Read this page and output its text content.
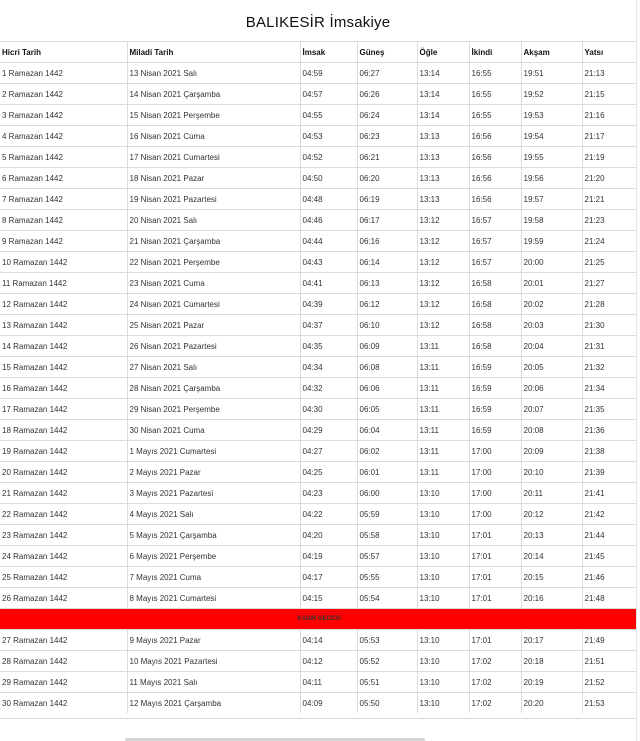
BALIKESİR İmsakiye
Hicri Tarih	Miladi Tarih	İmsak	Güneş	Öğle	İkindi	Akşam	Yatsı
1 Ramazan 1442	13 Nisan 2021 Salı	04:59	06:27	13:14	16:55	19:51	21:13
2 Ramazan 1442	14 Nisan 2021 Çarşamba	04:57	06:26	13:14	16:55	19:52	21:15
3 Ramazan 1442	15 Nisan 2021 Perşembe	04:55	06:24	13:14	16:55	19:53	21:16
4 Ramazan 1442	16 Nisan 2021 Cuma	04:53	06:23	13:13	16:56	19:54	21:17
5 Ramazan 1442	17 Nisan 2021 Cumartesi	04:52	06:21	13:13	16:56	19:55	21:19
6 Ramazan 1442	18 Nisan 2021 Pazar	04:50	06:20	13:13	16:56	19:56	21:20
7 Ramazan 1442	19 Nisan 2021 Pazartesi	04:48	06:19	13:13	16:56	19:57	21:21
8 Ramazan 1442	20 Nisan 2021 Salı	04:46	06:17	13:12	16:57	19:58	21:23
9 Ramazan 1442	21 Nisan 2021 Çarşamba	04:44	06:16	13:12	16:57	19:59	21:24
10 Ramazan 1442	22 Nisan 2021 Perşembe	04:43	06:14	13:12	16:57	20:00	21:25
11 Ramazan 1442	23 Nisan 2021 Cuma	04:41	06:13	13:12	16:58	20:01	21:27
12 Ramazan 1442	24 Nisan 2021 Cumartesi	04:39	06:12	13:12	16:58	20:02	21:28
13 Ramazan 1442	25 Nisan 2021 Pazar	04:37	06:10	13:12	16:58	20:03	21:30
14 Ramazan 1442	26 Nisan 2021 Pazartesi	04:35	06:09	13:11	16:58	20:04	21:31
15 Ramazan 1442	27 Nisan 2021 Salı	04:34	06:08	13:11	16:59	20:05	21:32
16 Ramazan 1442	28 Nisan 2021 Çarşamba	04:32	06:06	13:11	16:59	20:06	21:34
17 Ramazan 1442	29 Nisan 2021 Perşembe	04:30	06:05	13:11	16:59	20:07	21:35
18 Ramazan 1442	30 Nisan 2021 Cuma	04:29	06:04	13:11	16:59	20:08	21:36
19 Ramazan 1442	1 Mayıs 2021 Cumartesi	04:27	06:02	13:11	17:00	20:09	21:38
20 Ramazan 1442	2 Mayıs 2021 Pazar	04:25	06:01	13:11	17:00	20:10	21:39
21 Ramazan 1442	3 Mayıs 2021 Pazartesi	04:23	06:00	13:10	17:00	20:11	21:41
22 Ramazan 1442	4 Mayıs 2021 Salı	04:22	05:59	13:10	17:00	20:12	21:42
23 Ramazan 1442	5 Mayıs 2021 Çarşamba	04:20	05:58	13:10	17:01	20:13	21:44
24 Ramazan 1442	6 Mayıs 2021 Perşembe	04:19	05:57	13:10	17:01	20:14	21:45
25 Ramazan 1442	7 Mayıs 2021 Cuma	04:17	05:55	13:10	17:01	20:15	21:46
26 Ramazan 1442	8 Mayıs 2021 Cumartesi	04:15	05:54	13:10	17:01	20:16	21:48
KADIR GECESİ							
27 Ramazan 1442	9 Mayıs 2021 Pazar	04:14	05:53	13:10	17:01	20:17	21:49
28 Ramazan 1442	10 Mayıs 2021 Pazartesi	04:12	05:52	13:10	17:02	20:18	21:51
29 Ramazan 1442	11 Mayıs 2021 Salı	04:11	05:51	13:10	17:02	20:19	21:52
30 Ramazan 1442	12 Mayıs 2021 Çarşamba	04:09	05:50	13:10	17:02	20:20	21:53
